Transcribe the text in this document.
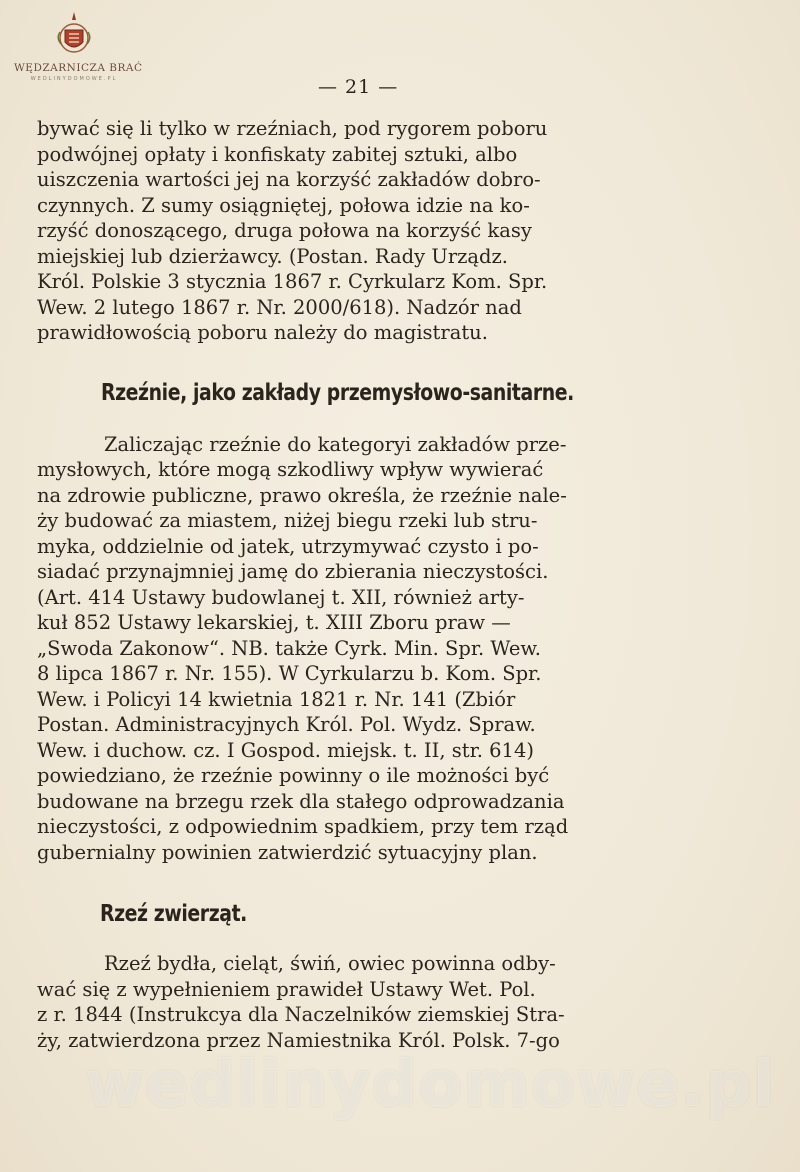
WĘDZARNICZA BRAĆ
WEDLINYDOMOWE.PL	— 21 —

bywać się li tylko w rzeźniach, pod rygorem poboru
podwójnej opłaty i konfiskaty zabitej sztuki, albo
uiszczenia wartości jej na korzyść zakładów dobro-
czynnych. Z sumy osiągniętej, połowa idzie na ko-
rzyść donoszącego, druga połowa na korzyść kasy
miejskiej lub dzierżawcy. (Postan. Rady Urządz.
Król. Polskie 3 stycznia 1867 r. Cyrkularz Kom. Spr.
Wew. 2 lutego 1867 r. Nr. 2000/618). Nadzór nad
prawidłowością poboru należy do magistratu.

Rzeźnie, jako zakłady przemysłowo-sanitarne.

Zaliczając rzeźnie do kategoryi zakładów prze-
mysłowych, które mogą szkodliwy wpływ wywierać
na zdrowie publiczne, prawo określa, że rzeźnie nale-
ży budować za miastem, niżej biegu rzeki lub stru-
myka, oddzielnie od jatek, utrzymywać czysto i po-
siadać przynajmniej jamę do zbierania nieczystości.
(Art. 414 Ustawy budowlanej t. XII, również arty-
kuł 852 Ustawy lekarskiej, t. XIII Zboru praw —
„Swoda Zakonow“. NB. także Cyrk. Min. Spr. Wew.
8 lipca 1867 r. Nr. 155). W Cyrkularzu b. Kom. Spr.
Wew. i Policyi 14 kwietnia 1821 r. Nr. 141 (Zbiór
Postan. Administracyjnych Król. Pol. Wydz. Spraw.
Wew. i duchow. cz. I Gospod. miejsk. t. II, str. 614)
powiedziano, że rzeźnie powinny o ile możności być
budowane na brzegu rzek dla stałego odprowadzania
nieczystości, z odpowiednim spadkiem, przy tem rząd
gubernialny powinien zatwierdzić sytuacyjny plan.

Rzeź zwierząt.

Rzeź bydła, cieląt, świń, owiec powinna odby-
wać się z wypełnieniem prawideł Ustawy Wet. Pol.
z r. 1844 (Instrukcya dla Naczelników ziemskiej Stra-
ży, zatwierdzona przez Namiestnika Król. Polsk. 7-go

wedlinydomowe.pl
